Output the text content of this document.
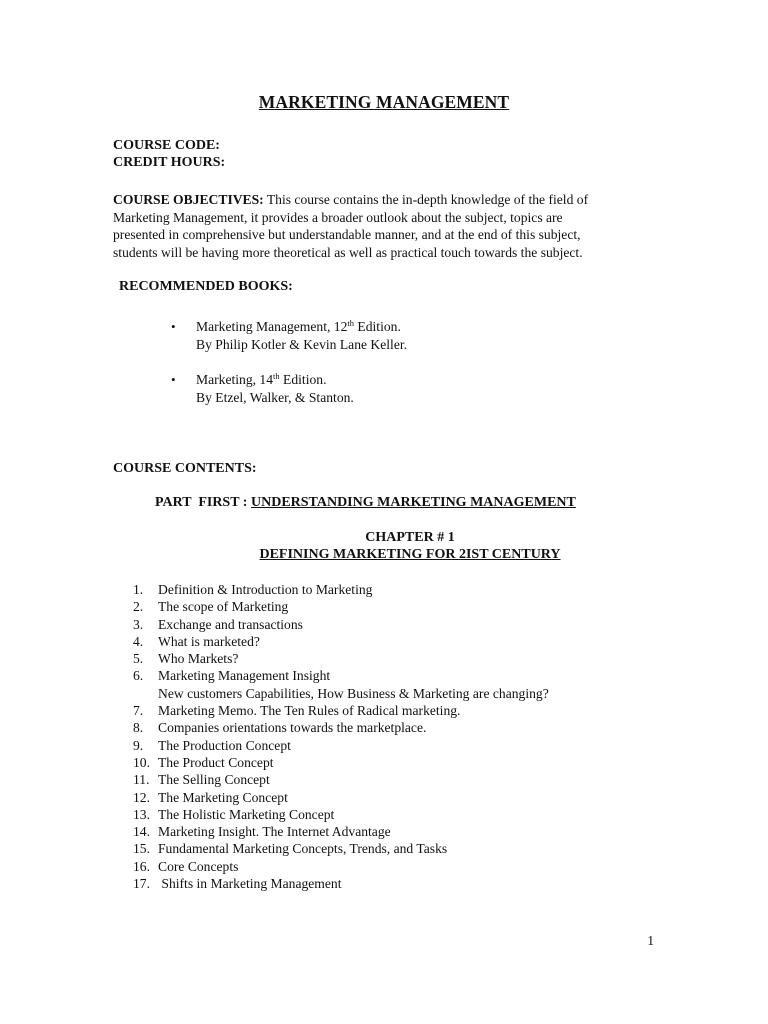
MARKETING MANAGEMENT
COURSE CODE:
CREDIT HOURS:
COURSE OBJECTIVES: This course contains the in-depth knowledge of the field of
Marketing Management, it provides a broader outlook about the subject, topics are
presented in comprehensive but understandable manner, and at the end of this subject,
students will be having more theoretical as well as practical touch towards the subject.
RECOMMENDED BOOKS:
•	Marketing Management, 12th Edition.
By Philip Kotler & Kevin Lane Keller.
•	Marketing, 14th Edition.
By Etzel, Walker, & Stanton.
COURSE CONTENTS:
PART  FIRST : UNDERSTANDING MARKETING MANAGEMENT
CHAPTER # 1
DEFINING MARKETING FOR 2IST CENTURY
1. Definition & Introduction to Marketing
2. The scope of Marketing
3. Exchange and transactions
4. What is marketed?
5. Who Markets?
6. Marketing Management Insight
New customers Capabilities, How Business & Marketing are changing?
7. Marketing Memo. The Ten Rules of Radical marketing.
8. Companies orientations towards the marketplace.
9. The Production Concept
10. The Product Concept
11. The Selling Concept
12. The Marketing Concept
13. The Holistic Marketing Concept
14. Marketing Insight. The Internet Advantage
15. Fundamental Marketing Concepts, Trends, and Tasks
16. Core Concepts
17. Shifts in Marketing Management
1
